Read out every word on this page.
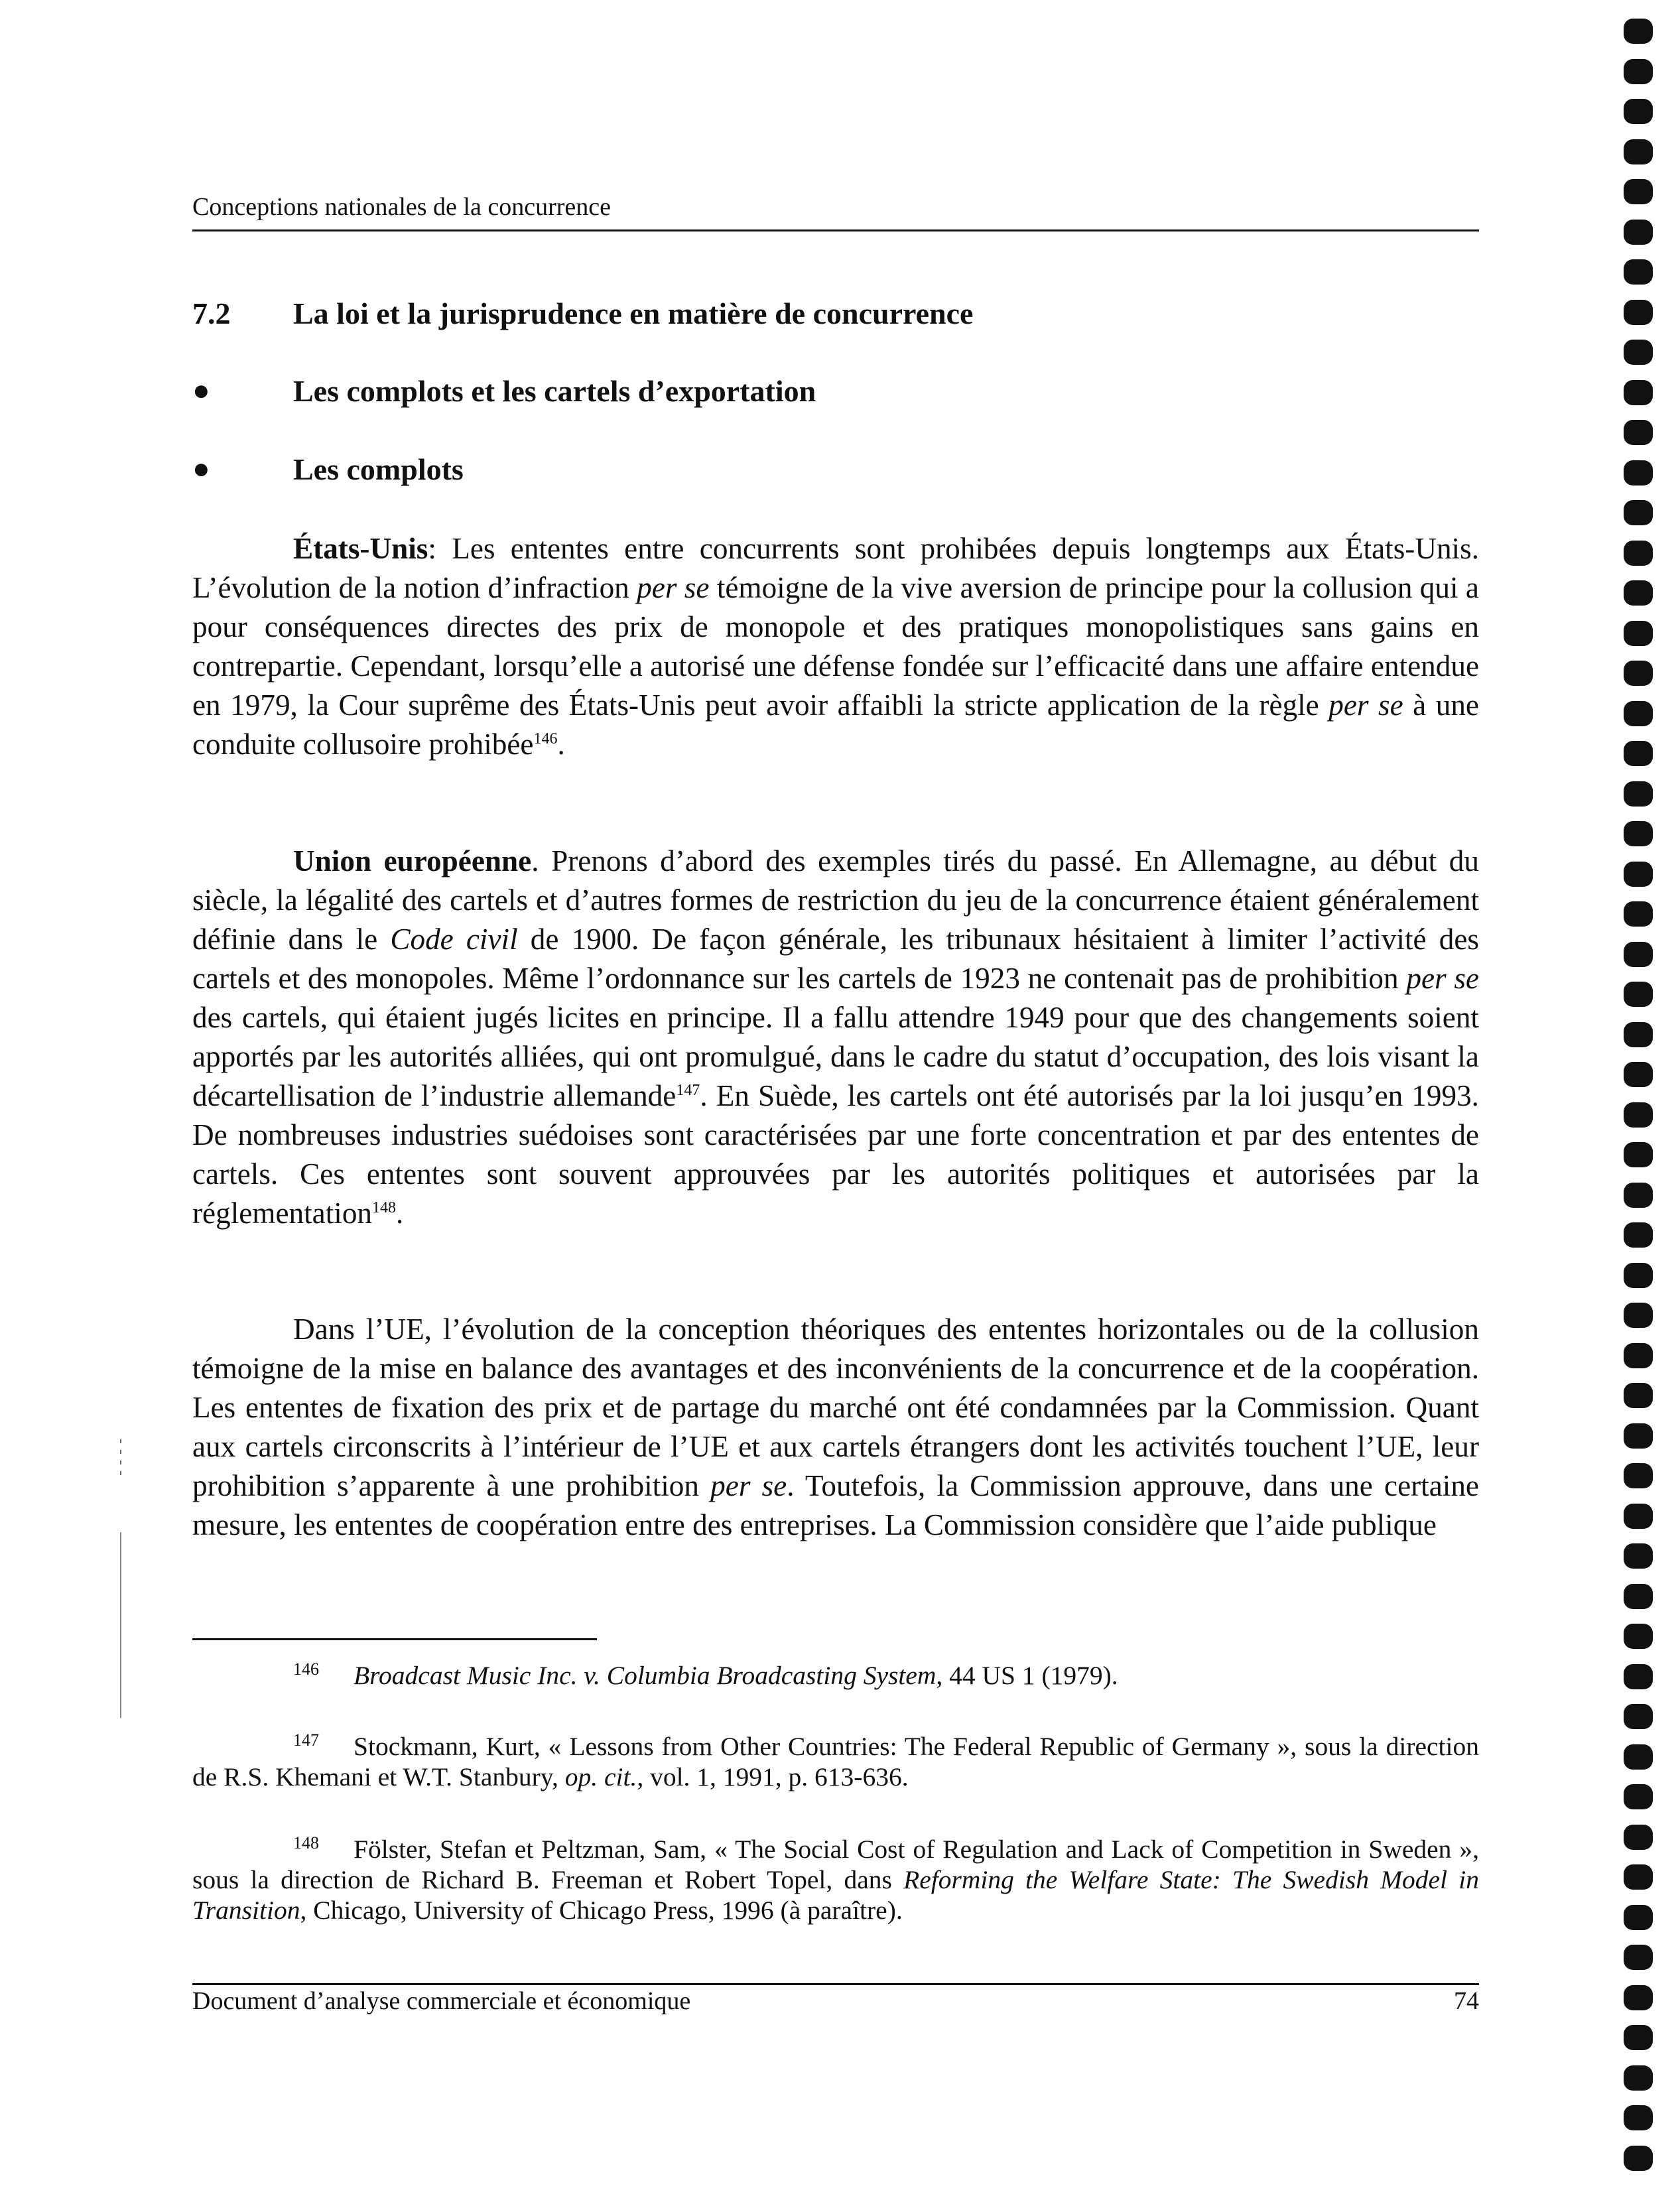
Conceptions nationales de la concurrence
7.2 La loi et la jurisprudence en matière de concurrence
●	Les complots et les cartels d’exportation
●	Les complots

États-Unis: Les ententes entre concurrents sont prohibées depuis longtemps aux États-Unis. L’évolution de la notion d’infraction per se témoigne de la vive aversion de principe pour la collusion qui a pour conséquences directes des prix de monopole et des pratiques monopolistiques sans gains en contrepartie. Cependant, lorsqu’elle a autorisé une défense fondée sur l’efficacité dans une affaire entendue en 1979, la Cour suprême des États-Unis peut avoir affaibli la stricte application de la règle per se à une conduite collusoire prohibée$^{146}$.

Union européenne. Prenons d’abord des exemples tirés du passé. En Allemagne, au début du siècle, la légalité des cartels et d’autres formes de restriction du jeu de la concurrence étaient généralement définie dans le Code civil de 1900. De façon générale, les tribunaux hésitaient à limiter l’activité des cartels et des monopoles. Même l’ordonnance sur les cartels de 1923 ne contenait pas de prohibition per se des cartels, qui étaient jugés licites en principe. Il a fallu attendre 1949 pour que des changements soient apportés par les autorités alliées, qui ont promulgué, dans le cadre du statut d’occupation, des lois visant la décartellisation de l’industrie allemande$^{147}$. En Suède, les cartels ont été autorisés par la loi jusqu’en 1993. De nombreuses industries suédoises sont caractérisées par une forte concentration et par des ententes de cartels. Ces ententes sont souvent approuvées par les autorités politiques et autorisées par la réglementation$^{148}$.

Dans l’UE, l’évolution de la conception théoriques des ententes horizontales ou de la collusion témoigne de la mise en balance des avantages et des inconvénients de la concurrence et de la coopération. Les ententes de fixation des prix et de partage du marché ont été condamnées par la Commission. Quant aux cartels circonscrits à l’intérieur de l’UE et aux cartels étrangers dont les activités touchent l’UE, leur prohibition s’apparente à une prohibition per se. Toutefois, la Commission approuve, dans une certaine mesure, les ententes de coopération entre des entreprises. La Commission considère que l’aide publique

$^{146}$ Broadcast Music Inc. v. Columbia Broadcasting System, 44 US 1 (1979).

$^{147}$ Stockmann, Kurt, « Lessons from Other Countries: The Federal Republic of Germany », sous la direction de R.S. Khemani et W.T. Stanbury, op. cit., vol. 1, 1991, p. 613-636.

$^{148}$ Fölster, Stefan et Peltzman, Sam, « The Social Cost of Regulation and Lack of Competition in Sweden », sous la direction de Richard B. Freeman et Robert Topel, dans Reforming the Welfare State: The Swedish Model in Transition, Chicago, University of Chicago Press, 1996 (à paraître).

Document d’analyse commerciale et économique	74
